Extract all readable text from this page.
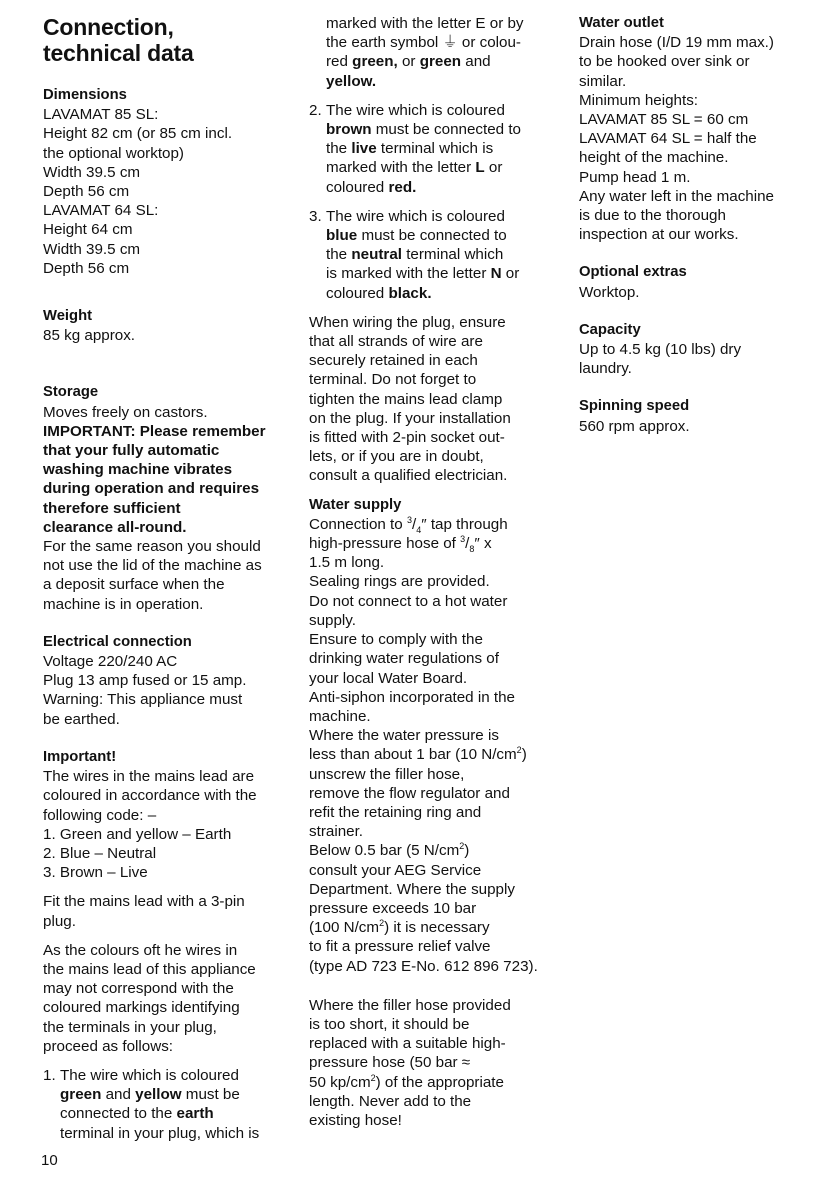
Connection,
technical data

Dimensions

LAVAMAT 85 SL:
Height 82 cm (or 85 cm incl.
the optional worktop)
Width 39.5 cm
Depth 56 cm
LAVAMAT 64 SL:
Height 64 cm
Width 39.5 cm
Depth 56 cm

Weight

85 kg approx.

Storage

Moves freely on castors.
IMPORTANT: Please remember
that your fully automatic
washing machine vibrates
during operation and requires
therefore sufficient
clearance all-round.
For the same reason you should
not use the lid of the machine as
a deposit surface when the
machine is in operation.

Electrical connection

Voltage 220/240 AC
Plug 13 amp fused or 15 amp.
Warning: This appliance must
be earthed.

Important!

The wires in the mains lead are
coloured in accordance with the
following code: –
1. Green and yellow – Earth
2. Blue – Neutral
3. Brown – Live
Fit the mains lead with a 3-pin
plug.
As the colours oft he wires in
the mains lead of this appliance
may not correspond with the
coloured markings identifying
the terminals in your plug,
proceed as follows:
1. The wire which is coloured
green and yellow must be
connected to the earth
terminal in your plug, which is
marked with the letter E or by
the earth symbol ⏚ or colou-
red green, or green and
yellow.
2. The wire which is coloured
brown must be connected to
the live terminal which is
marked with the letter L or
coloured red.
3. The wire which is coloured
blue must be connected to
the neutral terminal which
is marked with the letter N or
coloured black.
When wiring the plug, ensure
that all strands of wire are
securely retained in each
terminal. Do not forget to
tighten the mains lead clamp
on the plug. If your installation
is fitted with 2-pin socket out-
lets, or if you are in doubt,
consult a qualified electrician.

Water supply

Connection to $^3/_4''$ tap through
high-pressure hose of $^3/_8''$ x
1.5 m long.
Sealing rings are provided.
Do not connect to a hot water
supply.
Ensure to comply with the
drinking water regulations of
your local Water Board.
Anti-siphon incorporated in the
machine.
Where the water pressure is
less than about 1 bar (10 $N/cm^2$)
unscrew the filler hose,
remove the flow regulator and
refit the retaining ring and
strainer.
Below 0.5 bar (5 $N/cm^2$)
consult your AEG Service
Department. Where the supply
pressure exceeds 10 bar
(100 $N/cm^2$) it is necessary
to fit a pressure relief valve
(type AD 723 E-No. 612 896 723).
Where the filler hose provided
is too short, it should be
replaced with a suitable high-
pressure hose (50 bar ≈
50 $kp/cm^2$) of the appropriate
length. Never add to the
existing hose!

Water outlet

Drain hose (I/D 19 mm max.)
to be hooked over sink or
similar.
Minimum heights:
LAVAMAT 85 SL = 60 cm
LAVAMAT 64 SL = half the
height of the machine.
Pump head 1 m.
Any water left in the machine
is due to the thorough
inspection at our works.

Optional extras

Worktop.

Capacity

Up to 4.5 kg (10 lbs) dry
laundry.

Spinning speed

560 rpm approx.
10
